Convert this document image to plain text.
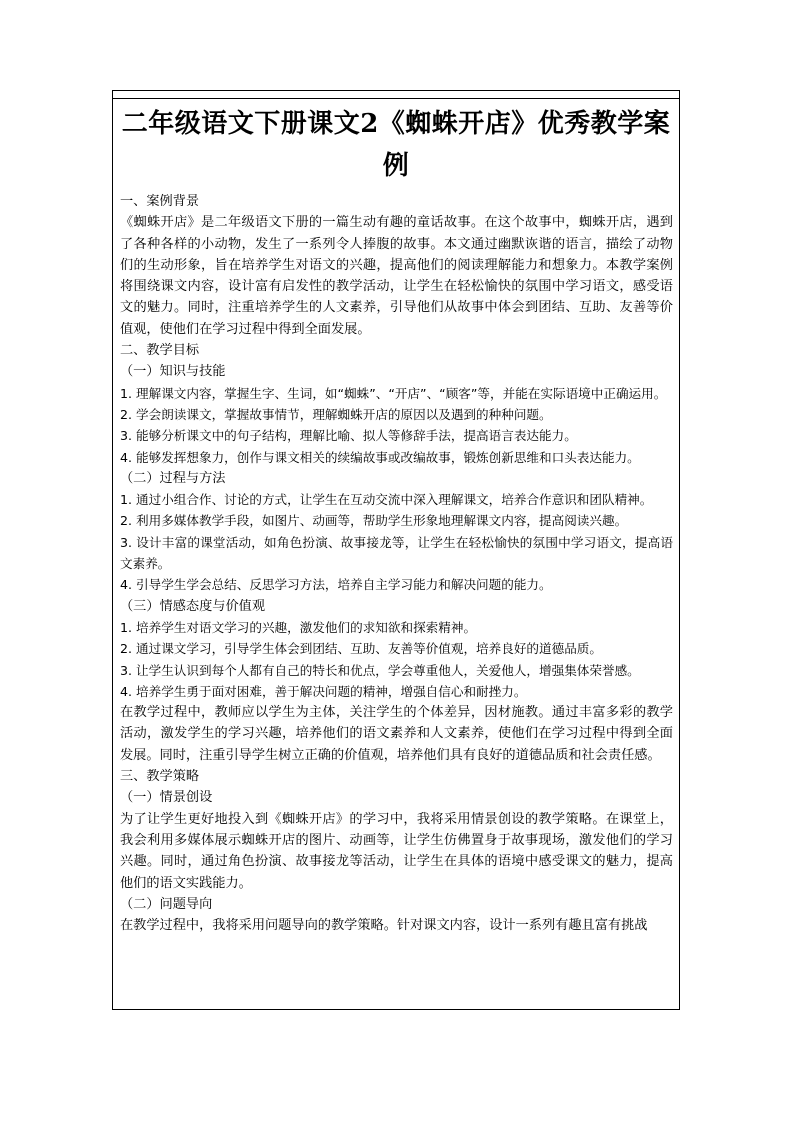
二年级语文下册课文2《蜘蛛开店》优秀教学案例

一、案例背景

《蜘蛛开店》是二年级语文下册的一篇生动有趣的童话故事。在这个故事中，蜘蛛开店，遇到了各种各样的小动物，发生了一系列令人捧腹的故事。本文通过幽默诙谐的语言，描绘了动物们的生动形象，旨在培养学生对语文的兴趣，提高他们的阅读理解能力和想象力。本教学案例将围绕课文内容，设计富有启发性的教学活动，让学生在轻松愉快的氛围中学习语文，感受语文的魅力。同时，注重培养学生的人文素养，引导他们从故事中体会到团结、互助、友善等价值观，使他们在学习过程中得到全面发展。

二、教学目标

（一）知识与技能

1. 理解课文内容，掌握生字、生词，如“蜘蛛”、“开店”、“顾客”等，并能在实际语境中正确运用。

2. 学会朗读课文，掌握故事情节，理解蜘蛛开店的原因以及遇到的种种问题。

3. 能够分析课文中的句子结构，理解比喻、拟人等修辞手法，提高语言表达能力。

4. 能够发挥想象力，创作与课文相关的续编故事或改编故事，锻炼创新思维和口头表达能力。

（二）过程与方法

1. 通过小组合作、讨论的方式，让学生在互动交流中深入理解课文，培养合作意识和团队精神。

2. 利用多媒体教学手段，如图片、动画等，帮助学生形象地理解课文内容，提高阅读兴趣。

3. 设计丰富的课堂活动，如角色扮演、故事接龙等，让学生在轻松愉快的氛围中学习语文，提高语文素养。

4. 引导学生学会总结、反思学习方法，培养自主学习能力和解决问题的能力。

（三）情感态度与价值观

1. 培养学生对语文学习的兴趣，激发他们的求知欲和探索精神。

2. 通过课文学习，引导学生体会到团结、互助、友善等价值观，培养良好的道德品质。

3. 让学生认识到每个人都有自己的特长和优点，学会尊重他人，关爱他人，增强集体荣誉感。

4. 培养学生勇于面对困难，善于解决问题的精神，增强自信心和耐挫力。

在教学过程中，教师应以学生为主体，关注学生的个体差异，因材施教。通过丰富多彩的教学活动，激发学生的学习兴趣，培养他们的语文素养和人文素养，使他们在学习过程中得到全面发展。同时，注重引导学生树立正确的价值观，培养他们具有良好的道德品质和社会责任感。

三、教学策略

（一）情景创设

为了让学生更好地投入到《蜘蛛开店》的学习中，我将采用情景创设的教学策略。在课堂上，我会利用多媒体展示蜘蛛开店的图片、动画等，让学生仿佛置身于故事现场，激发他们的学习兴趣。同时，通过角色扮演、故事接龙等活动，让学生在具体的语境中感受课文的魅力，提高他们的语文实践能力。

（二）问题导向

在教学过程中，我将采用问题导向的教学策略。针对课文内容，设计一系列有趣且富有挑战
